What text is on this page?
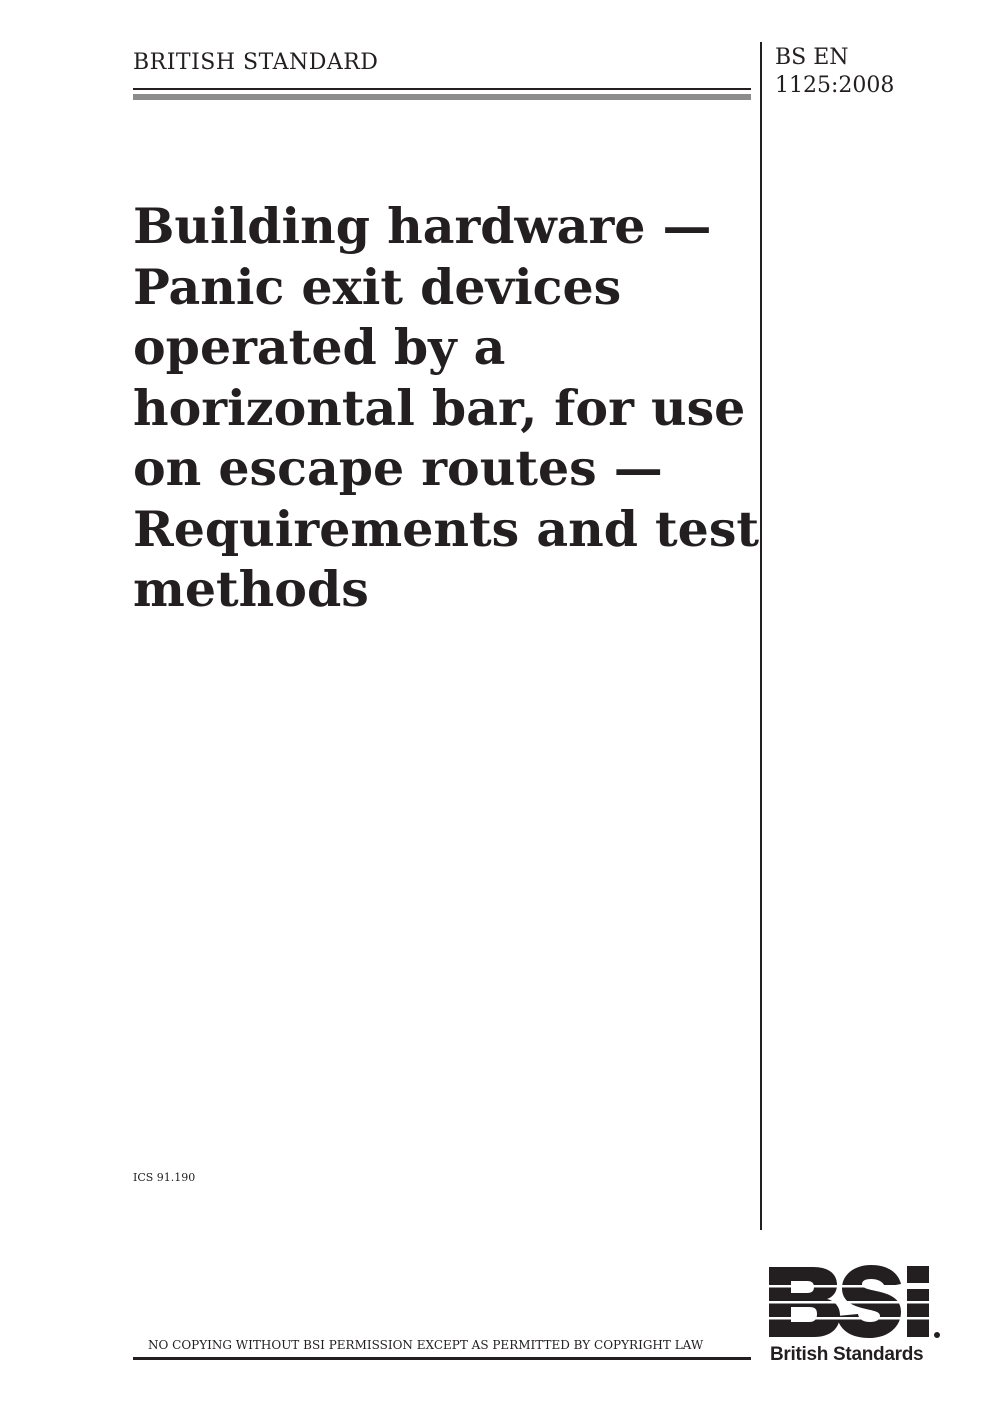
BRITISH STANDARD	BS EN
1125:2008
Building hardware —
Panic exit devices
operated by a
horizontal bar, for use
on escape routes —
Requirements and test
methods
ICS 91.190
NO COPYING WITHOUT BSI PERMISSION EXCEPT AS PERMITTED BY COPYRIGHT LAW	British Standards
